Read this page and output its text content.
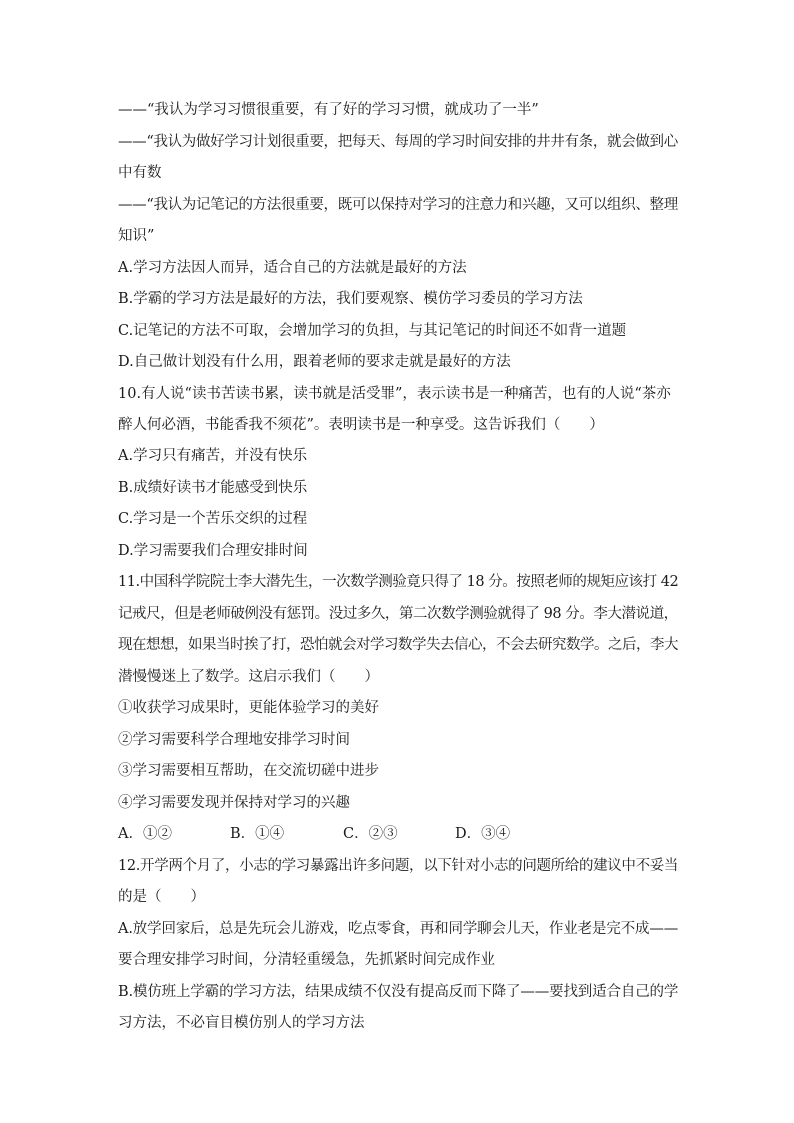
——“我认为学习习惯很重要，有了好的学习习惯，就成功了一半”
——“我认为做好学习计划很重要，把每天、每周的学习时间安排的井井有条，就会做到心
中有数
——“我认为记笔记的方法很重要，既可以保持对学习的注意力和兴趣，又可以组织、整理
知识”
A.学习方法因人而异，适合自己的方法就是最好的方法
B.学霸的学习方法是最好的方法，我们要观察、模仿学习委员的学习方法
C.记笔记的方法不可取，会增加学习的负担，与其记笔记的时间还不如背一道题
D.自己做计划没有什么用，跟着老师的要求走就是最好的方法
10.有人说“读书苦读书累，读书就是活受罪”，表示读书是一种痛苦，也有的人说“茶亦
醉人何必酒，书能香我不须花”。表明读书是一种享受。这告诉我们（　　）
A.学习只有痛苦，并没有快乐
B.成绩好读书才能感受到快乐
C.学习是一个苦乐交织的过程
D.学习需要我们合理安排时间
11.中国科学院院士李大潜先生，一次数学测验竟只得了 18 分。按照老师的规矩应该打 42
记戒尺，但是老师破例没有惩罚。没过多久，第二次数学测验就得了 98 分。李大潜说道，
现在想想，如果当时挨了打，恐怕就会对学习数学失去信心，不会去研究数学。之后，李大
潜慢慢迷上了数学。这启示我们（　　）
①收获学习成果时，更能体验学习的美好
②学习需要科学合理地安排学习时间
③学习需要相互帮助，在交流切磋中进步
④学习需要发现并保持对学习的兴趣
A．①②	B．①④	C．②③	D．③④
12.开学两个月了，小志的学习暴露出许多问题，以下针对小志的问题所给的建议中不妥当
的是（　　）
A.放学回家后，总是先玩会儿游戏，吃点零食，再和同学聊会儿天，作业老是完不成——
要合理安排学习时间，分清轻重缓急，先抓紧时间完成作业
B.模仿班上学霸的学习方法，结果成绩不仅没有提高反而下降了——要找到适合自己的学
习方法，不必盲目模仿别人的学习方法
